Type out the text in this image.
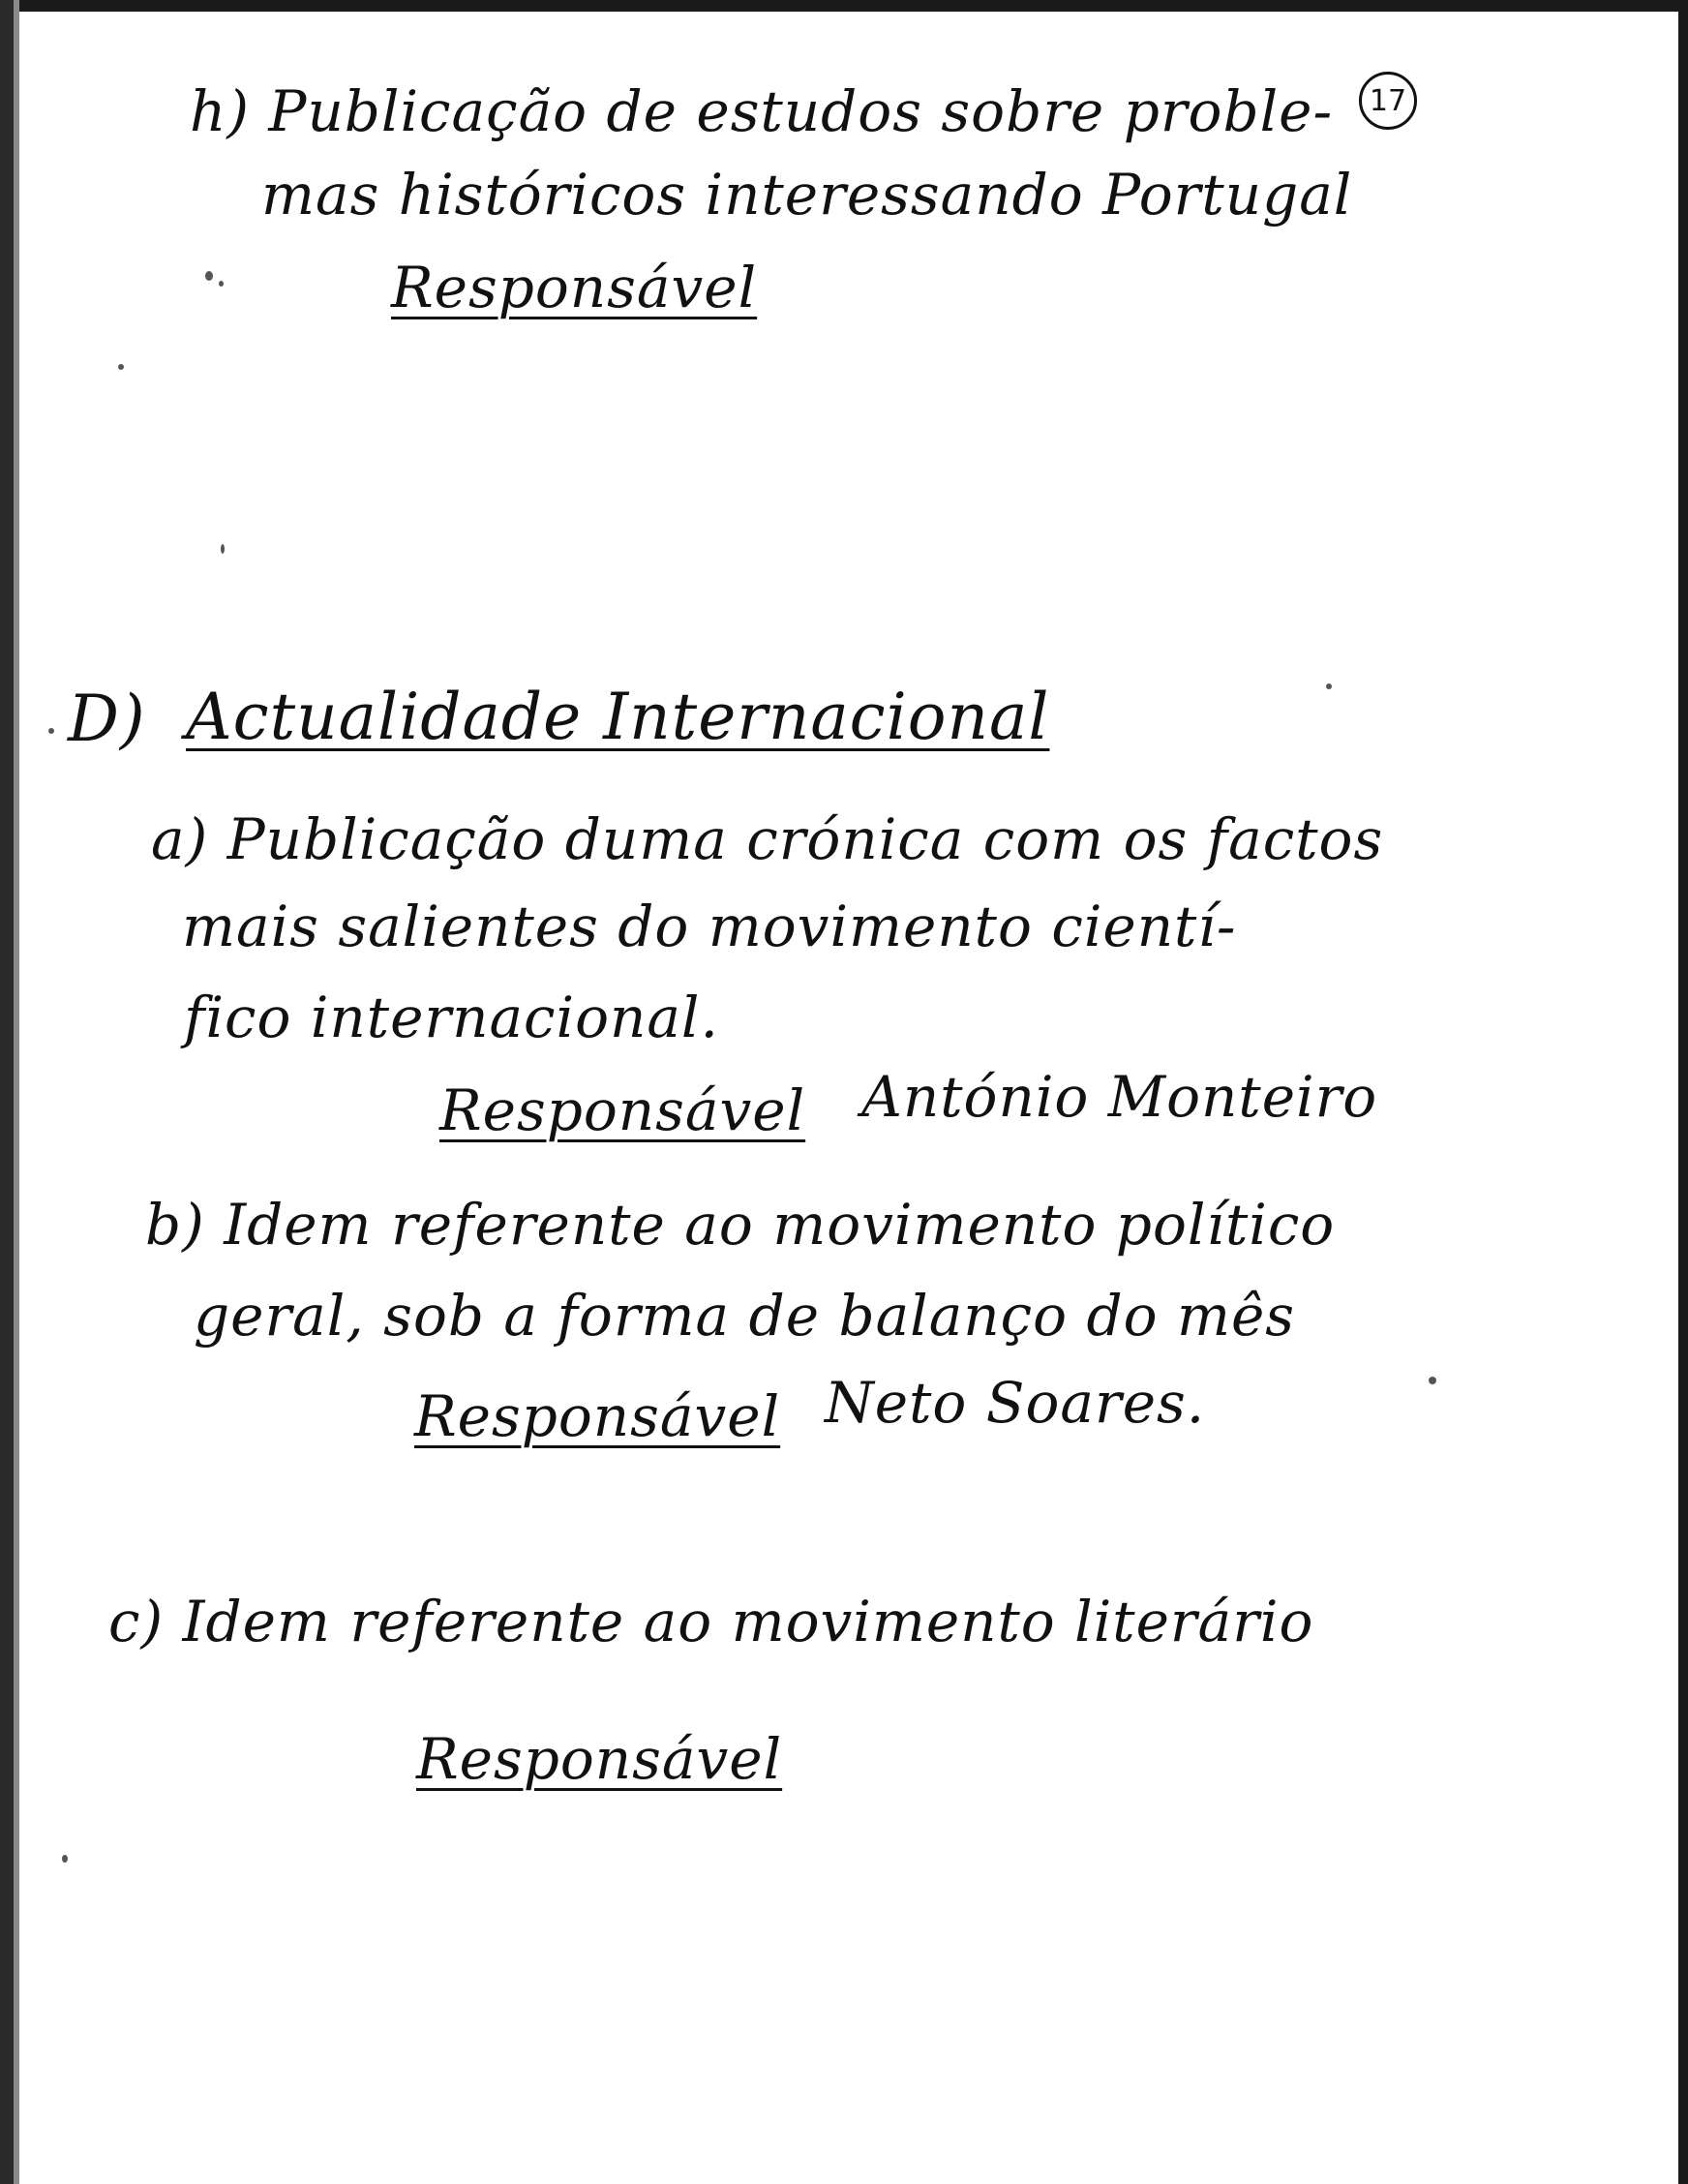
17
h) Publicação de estudos sobre proble-
mas históricos interessando Portugal
Responsável
D) Actualidade Internacional
a) Publicação duma crónica com os factos
mais salientes do movimento cientí-
fico internacional.
Responsável António Monteiro
b) Idem referente ao movimento político
geral, sob a forma de balanço do mês
Responsável Neto Soares.
c) Idem referente ao movimento literário
Responsável
